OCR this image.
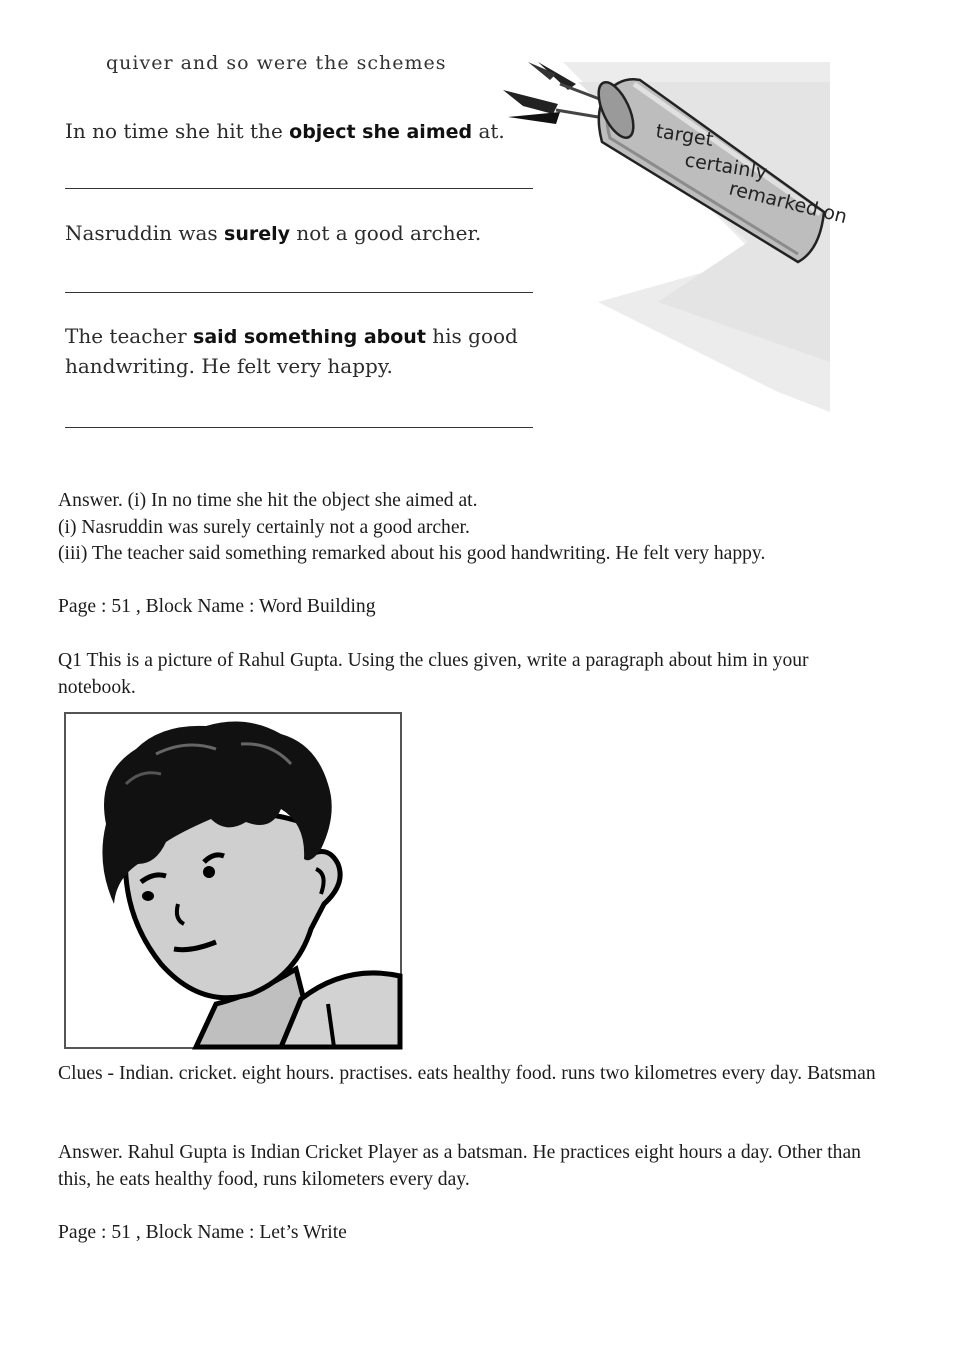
quiver and so were the schemes
In no time she hit the object she aimed at.
Nasruddin was surely not a good archer.
The teacher said something about his good
handwriting. He felt very happy.
target
certainly
remarked on

Answer. (i) In no time she hit the object she aimed at.

(i) Nasruddin was surely certainly not a good archer.

(iii) The teacher said something remarked about his good handwriting. He felt very happy.

Page : 51 , Block Name : Word Building
Q1 This is a picture of Rahul Gupta. Using the clues given, write a paragraph about him in your notebook.
Clues - Indian. cricket. eight hours. practises. eats healthy food. runs two kilometres every day. Batsman
Answer. Rahul Gupta is Indian Cricket Player as a batsman. He practices eight hours a day. Other than this, he eats healthy food, runs kilometers every day.
Page : 51 , Block Name : Let’s Write
